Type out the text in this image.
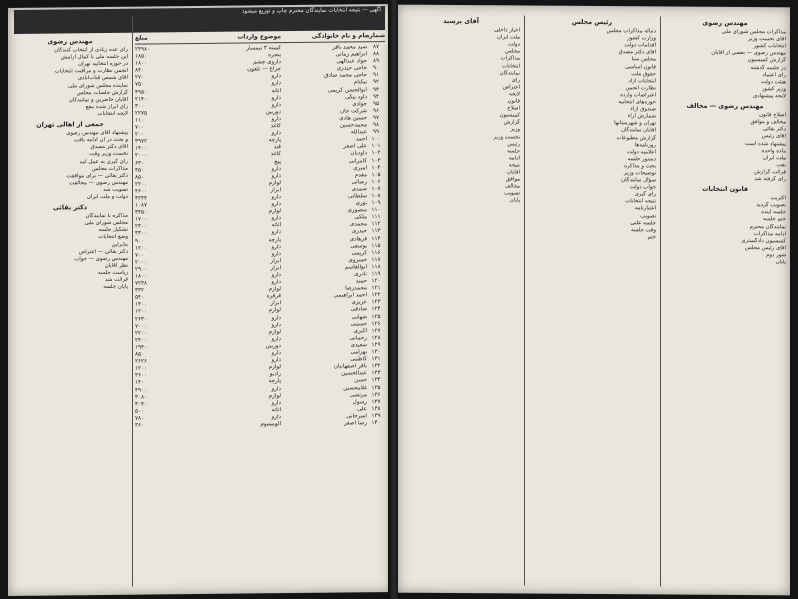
آگهی — نتیجه انتخابات نمایندگان محترم چاپ و توزیع میشود
شماره
نام و نام خانوادگی
موضوع واردات
مبلغ
۸۷
سید محمد باقر
کمیته ۳ تیمسار
۲۴۹۸۰
۸۸
ابراهیم زمانی
پنجره
۱۸۵۰
۸۹
جواد عبدالهی
داروی چشم
۱۸۰۰
۹۰
حاجی حیدری
چراغ — تلفون
۸۴۰
۹۱
حاجی محمد صادق
دارو
۲۷۰
۹۲
نیکنام
دارو
۷۵۰
۹۳
ابوالحسن کریمی
اثاثه
۴۹۵۰
۹۴
داود بیگی
دارو
۲۱۴۰
۹۵
جوادی
دارو
۳۰۰
۹۶
شرکت جان
دوربین
۲۲۷۵
۹۷
حسین هادی
دارو
۱۱۰
۹۸
محمدحسین
کاغذ
۷۰۰
۹۹
عبدالله
دارو
۲۰۰
۱۰۰
احمد
پارچه
۳۹۷۲
۱۰۱
علی اصغر
قند
۱۴۰۰
۱۰۲
داودیان
کاغذ
۲۰۰۰
۱۰۳
کامرانی
پیچ
۶۳۰
۱۰۴
امیری
دارو
۴۵۰
۱۰۵
مقدم
دارو
۸۵۰
۱۰۶
رضائی
لوازم
۲۲۰۰
۱۰۷
صمدی
ابزار
۴۶۰۰
۱۰۸
سلطانی
دارو
۴۲۴۴
۱۰۹
نوری
دارو
۱۰۸۷
۱۱۰
منصوری
لوازم
۳۴۵۰
۱۱۱
ملکی
دارو
۱۷۰۰
۱۱۲
محمدی
اثاثه
۲۳۰۰
۱۱۳
حیدری
دارو
۳۳۰۰
۱۱۴
فرهادی
پارچه
۹۰۰
۱۱۵
یوسفی
دارو
۱۲۰۰
۱۱۶
کریمی
دارو
۷۰۰
۱۱۷
خسروی
ابزار
۲۰۰۰
۱۱۸
ابوالقاسم
ابزار
۲۹۰۰
۱۱۹
نادری
دارو
۱۸۰۰
۱۲۰
حمید
دارو
۷۲۳۸
۱۲۱
محمدرضا
لوازم
۳۳۲
۱۲۲
احمد ابراهیمی
قرقره
۵۴۰
۱۲۳
عزیزی
ابزار
۱۴۰۰
۱۲۴
صادقی
لوازم
۱۲۰۰
۱۲۵
شهابی
دارو
۲۶۳۰
۱۲۶
حسینی
دارو
۷۰۰۰
۱۲۷
اکبری
لوازم
۲۲۰۰
۱۲۸
رحمانی
دارو
۲۴۰۰
۱۲۹
سعیدی
دوربین
۱۹۴۰
۱۳۰
بهرامی
دارو
۸۵۰
۱۳۱
کاظمی
دارو
۲۶۲۶
۱۳۲
باقر اصفهانیان
لوازم
۱۲۰۰
۱۳۳
عبدالحسین
رادیو
۳۶۰۰
۱۳۴
حسن
پارچه
۱۴۰
۱۳۵
غلامحسین
دارو
۴۹۰۰
۱۳۶
مرتضی
لوازم
۳۰۸۰
۱۳۷
رسول
دارو
۳۰۴۰
۱۳۸
علی
اثاثه
۵۰۰
۱۳۹
امیرخانی
دارو
۷۸۰
۱۴۰
رضا اصغر
آلومینیوم
۳۶۰
مهندس رضوی
رای عده زیادی از انتخاب کنندگان
این جلسه ملی با کمال آرامش
در حوزه انتخابیه تهران
انجمن نظارت و مراقبت انتخابات
آقای شمس قنات‌آبادی
نماینده مجلس شورای ملی
گزارش جلسات مجلس
آقایان حاضرین و نمایندگان
رای ابراز شده بنفع
لایحه انتخابات
جمعی از اهالی تهران
پیشنهاد آقای مهندس رضوی
و بحث در آن ادامه یافت
آقای دکتر مصدق
نخست وزیر وقت
رای گیری به عمل آمد
مذاکرات مجلس
دکتر بقائی — برای موافقت
مهندس رضوی — مخالفت
تصویب شد
دولت و ملت ایران
دکتر بقائی
مذاکره با نمایندگان
مجلس شورای ملی
تشکیل جلسه
وضع انتخابات
بنابراین
دکتر بقائی — اعتراض
مهندس رضوی — جواب
نظر آقایان
ریاست جلسه
قرائت شد
پایان جلسه
آقای پرسید
اخبار داخلی
ملت ایران
دولت
مجلس
مذاکرات
انتخابات
نمایندگان
رای
اعتراض
لایحه
قانون
اصلاح
کمیسیون
گزارش
وزیر
نخست وزیر
رئیس
جلسه
ادامه
نتیجه
آقایان
موافق
مخالف
تصویب
پایان
رئیس مجلس
دنباله مذاکرات مجلس
وزارت کشور
اقدامات دولت
آقای دکتر مصدق
مجلس سنا
قانون اساسی
حقوق ملت
انتخابات آزاد
نظارت انجمن
اعتراضات وارده
حوزه‌های انتخابیه
صندوق آراء
شمارش آراء
تهران و شهرستانها
آقایان نمایندگان
گزارش مطبوعات
روزنامه‌ها
اعلامیه دولت
دستور جلسه
بحث و مذاکره
توضیحات وزیر
سؤال نمایندگان
جواب دولت
رأی گیری
نتیجه انتخابات
اعتبارنامه
تصویب
جلسه علنی
وقت جلسه
ختم
مهندس رضوی
مذاکرات مجلس شورای ملی
آقای نخست وزیر
انتخابات کشور
مهندس رضوی — بعضی از آقایان
گزارش کمیسیون
در جلسه گذشته
رای اعتماد
هیئت دولت
وزیر کشور
لایحه پیشنهادی
مهندس رضوی — مخالف
اصلاح قانون
مخالف و موافق
دکتر بقائی
آقای رئیس
پیشنهاد شده است
ماده واحده
ملت ایران
نفت
قرائت گزارش
رای گرفته شد
قانون انتخابات
اکثریت
تصویب گردید
جلسه آینده
ختم جلسه
نمایندگان محترم
ادامه مذاکرات
کمیسیون دادگستری
آقای رئیس مجلس
شور دوم
پایان
